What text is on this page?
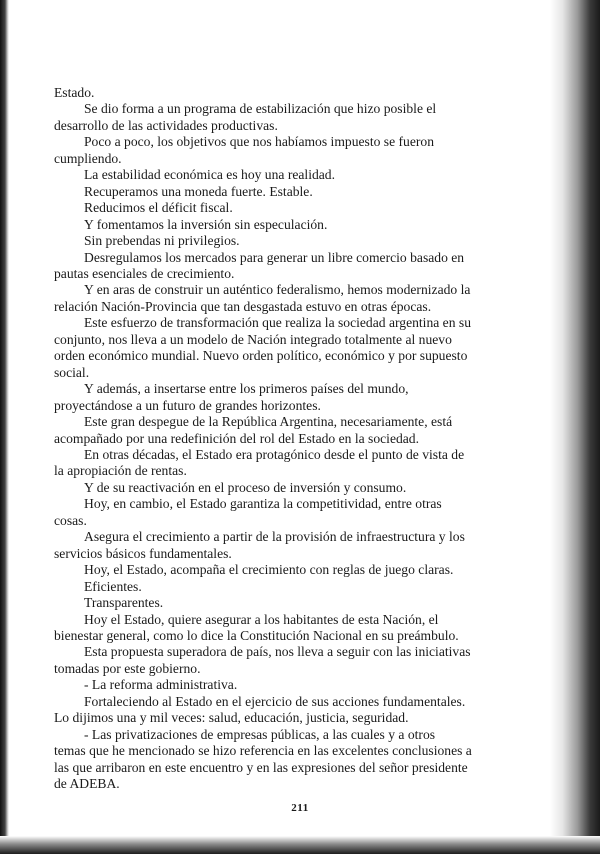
Estado.

Se dio forma a un programa de estabilización que hizo posible el

desarrollo de las actividades productivas.

Poco a poco, los objetivos que nos habíamos impuesto se fueron

cumpliendo.

La estabilidad económica es hoy una realidad.

Recuperamos una moneda fuerte. Estable.

Reducimos el déficit fiscal.

Y fomentamos la inversión sin especulación.

Sin prebendas ni privilegios.

Desregulamos los mercados para generar un libre comercio basado en

pautas esenciales de crecimiento.

Y en aras de construir un auténtico federalismo, hemos modernizado la

relación Nación-Provincia que tan desgastada estuvo en otras épocas.

Este esfuerzo de transformación que realiza la sociedad argentina en su

conjunto, nos lleva a un modelo de Nación integrado totalmente al nuevo

orden económico mundial. Nuevo orden político, económico y por supuesto

social.

Y además, a insertarse entre los primeros países del mundo,

proyectándose a un futuro de grandes horizontes.

Este gran despegue de la República Argentina, necesariamente, está

acompañado por una redefinición del rol del Estado en la sociedad.

En otras décadas, el Estado era protagónico desde el punto de vista de

la apropiación de rentas.

Y de su reactivación en el proceso de inversión y consumo.

Hoy, en cambio, el Estado garantiza la competitividad, entre otras

cosas.

Asegura el crecimiento a partir de la provisión de infraestructura y los

servicios básicos fundamentales.

Hoy, el Estado, acompaña el crecimiento con reglas de juego claras.

Eficientes.

Transparentes.

Hoy el Estado, quiere asegurar a los habitantes de esta Nación, el

bienestar general, como lo dice la Constitución Nacional en su preámbulo.

Esta propuesta superadora de país, nos lleva a seguir con las iniciativas

tomadas por este gobierno.

- La reforma administrativa.

Fortaleciendo al Estado en el ejercicio de sus acciones fundamentales.

Lo dijimos una y mil veces: salud, educación, justicia, seguridad.

- Las privatizaciones de empresas públicas, a las cuales y a otros

temas que he mencionado se hizo referencia en las excelentes conclusiones a

las que arribaron en este encuentro y en las expresiones del señor presidente

de ADEBA.

211
